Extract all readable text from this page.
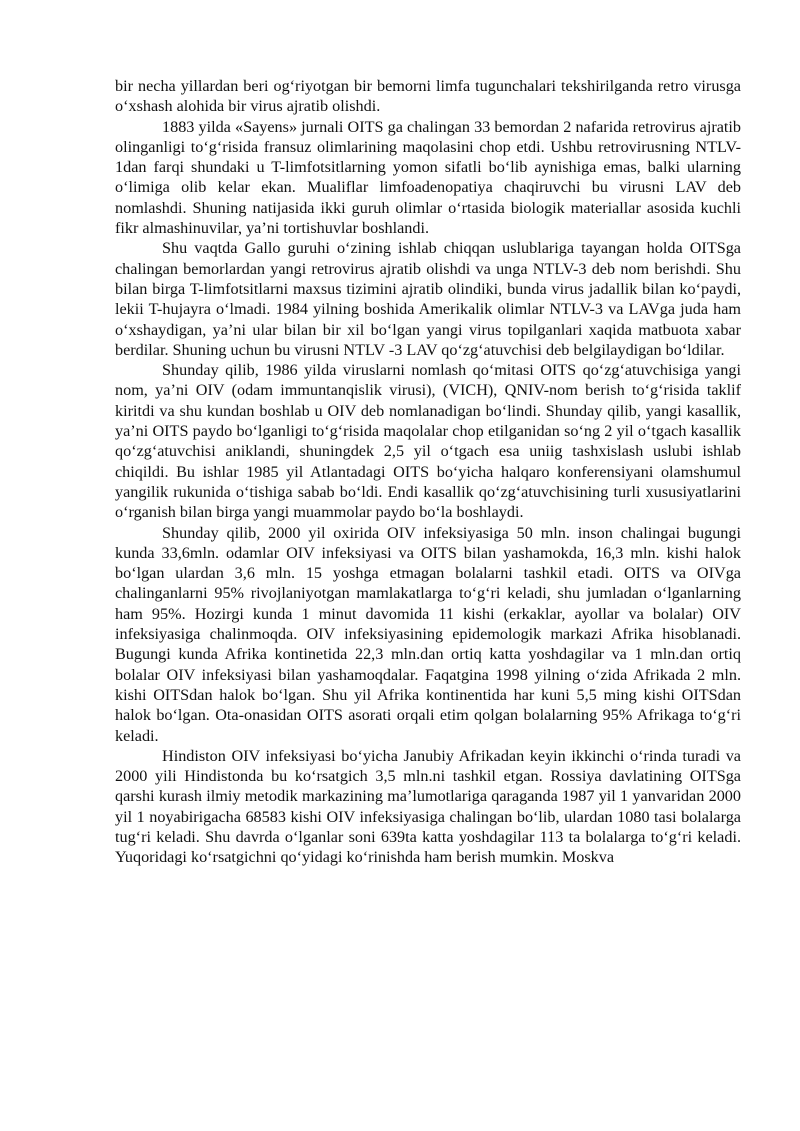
bir necha yillardan beri og‘riyotgan bir bemorni limfa tugunchalari tekshirilganda retro virusga o‘xshash alohida bir virus ajratib olishdi.

1883 yilda «Sayens» jurnali OITS ga chalingan 33 bemordan 2 nafarida retrovirus ajratib olinganligi to‘g‘risida fransuz olimlarining maqolasini chop etdi. Ushbu retrovirusning NTLV-1dan farqi shundaki u T-limfotsitlarning yomon sifatli bo‘lib aynishiga emas, balki ularning o‘limiga olib kelar ekan. Mualiflar limfoadenopatiya chaqiruvchi bu virusni LAV deb nomlashdi. Shuning natijasida ikki guruh olimlar o‘rtasida biologik materiallar asosida kuchli fikr almashinuvilar, ya’ni tortishuvlar boshlandi.

Shu vaqtda Gallo guruhi o‘zining ishlab chiqqan uslublariga tayangan holda OITSga chalingan bemorlardan yangi retrovirus ajratib olishdi va unga NTLV-3 deb nom berishdi. Shu bilan birga T-limfotsitlarni maxsus tizimini ajratib olindiki, bunda virus jadallik bilan ko‘paydi, lekii T-hujayra o‘lmadi. 1984 yilning boshida Amerikalik olimlar NTLV-3 va LAVga juda ham o‘xshaydigan, ya’ni ular bilan bir xil bo‘lgan yangi virus topilganlari xaqida matbuota xabar berdilar. Shuning uchun bu virusni NTLV -3 LAV qo‘zg‘atuvchisi deb belgilaydigan bo‘ldilar.

Shunday qilib, 1986 yilda viruslarni nomlash qo‘mitasi OITS qo‘zg‘atuvchisiga yangi nom, ya’ni OIV (odam immuntanqislik virusi), (VICH), QNIV-nom berish to‘g‘risida taklif kiritdi va shu kundan boshlab u OIV deb nomlanadigan bo‘lindi. Shunday qilib, yangi kasallik, ya’ni OITS paydo bo‘lganligi to‘g‘risida maqolalar chop etilganidan so‘ng 2 yil o‘tgach kasallik qo‘zg‘atuvchisi aniklandi, shuningdek 2,5 yil o‘tgach esa uniig tashxislash uslubi ishlab chiqildi. Bu ishlar 1985 yil Atlantadagi OITS bo‘yicha halqaro konferensiyani olamshumul yangilik rukunida o‘tishiga sabab bo‘ldi. Endi kasallik qo‘zg‘atuvchisining turli xususiyatlarini o‘rganish bilan birga yangi muammolar paydo bo‘la boshlaydi.

Shunday qilib, 2000 yil oxirida OIV infeksiyasiga 50 mln. inson chalingai bugungi kunda 33,6mln. odamlar OIV infeksiyasi va OITS bilan yashamokda, 16,3 mln. kishi halok bo‘lgan ulardan 3,6 mln. 15 yoshga etmagan bolalarni tashkil etadi. OITS va OIVga chalinganlarni 95% rivojlaniyotgan mamlakatlarga to‘g‘ri keladi, shu jumladan o‘lganlarning ham 95%. Hozirgi kunda 1 minut davomida 11 kishi (erkaklar, ayollar va bolalar) OIV infeksiyasiga chalinmoqda. OIV infeksiyasining epidemologik markazi Afrika hisoblanadi. Bugungi kunda Afrika kontinetida 22,3 mln.dan ortiq katta yoshdagilar va 1 mln.dan ortiq bolalar OIV infeksiyasi bilan yashamoqdalar. Faqatgina 1998 yilning o‘zida Afrikada 2 mln. kishi OITSdan halok bo‘lgan. Shu yil Afrika kontinentida har kuni 5,5 ming kishi OITSdan halok bo‘lgan. Ota-onasidan OITS asorati orqali etim qolgan bolalarning 95% Afrikaga to‘g‘ri keladi.

Hindiston OIV infeksiyasi bo‘yicha Janubiy Afrikadan keyin ikkinchi o‘rinda turadi va 2000 yili Hindistonda bu ko‘rsatgich 3,5 mln.ni tashkil etgan. Rossiya davlatining OITSga qarshi kurash ilmiy metodik markazining ma’lumotlariga qaraganda 1987 yil 1 yanvaridan 2000 yil 1 noyabirigacha 68583 kishi OIV infeksiyasiga chalingan bo‘lib, ulardan 1080 tasi bolalarga tug‘ri keladi. Shu davrda o‘lganlar soni 639ta katta yoshdagilar 113 ta bolalarga to‘g‘ri keladi. Yuqoridagi ko‘rsatgichni qo‘yidagi ko‘rinishda ham berish mumkin. Moskva
